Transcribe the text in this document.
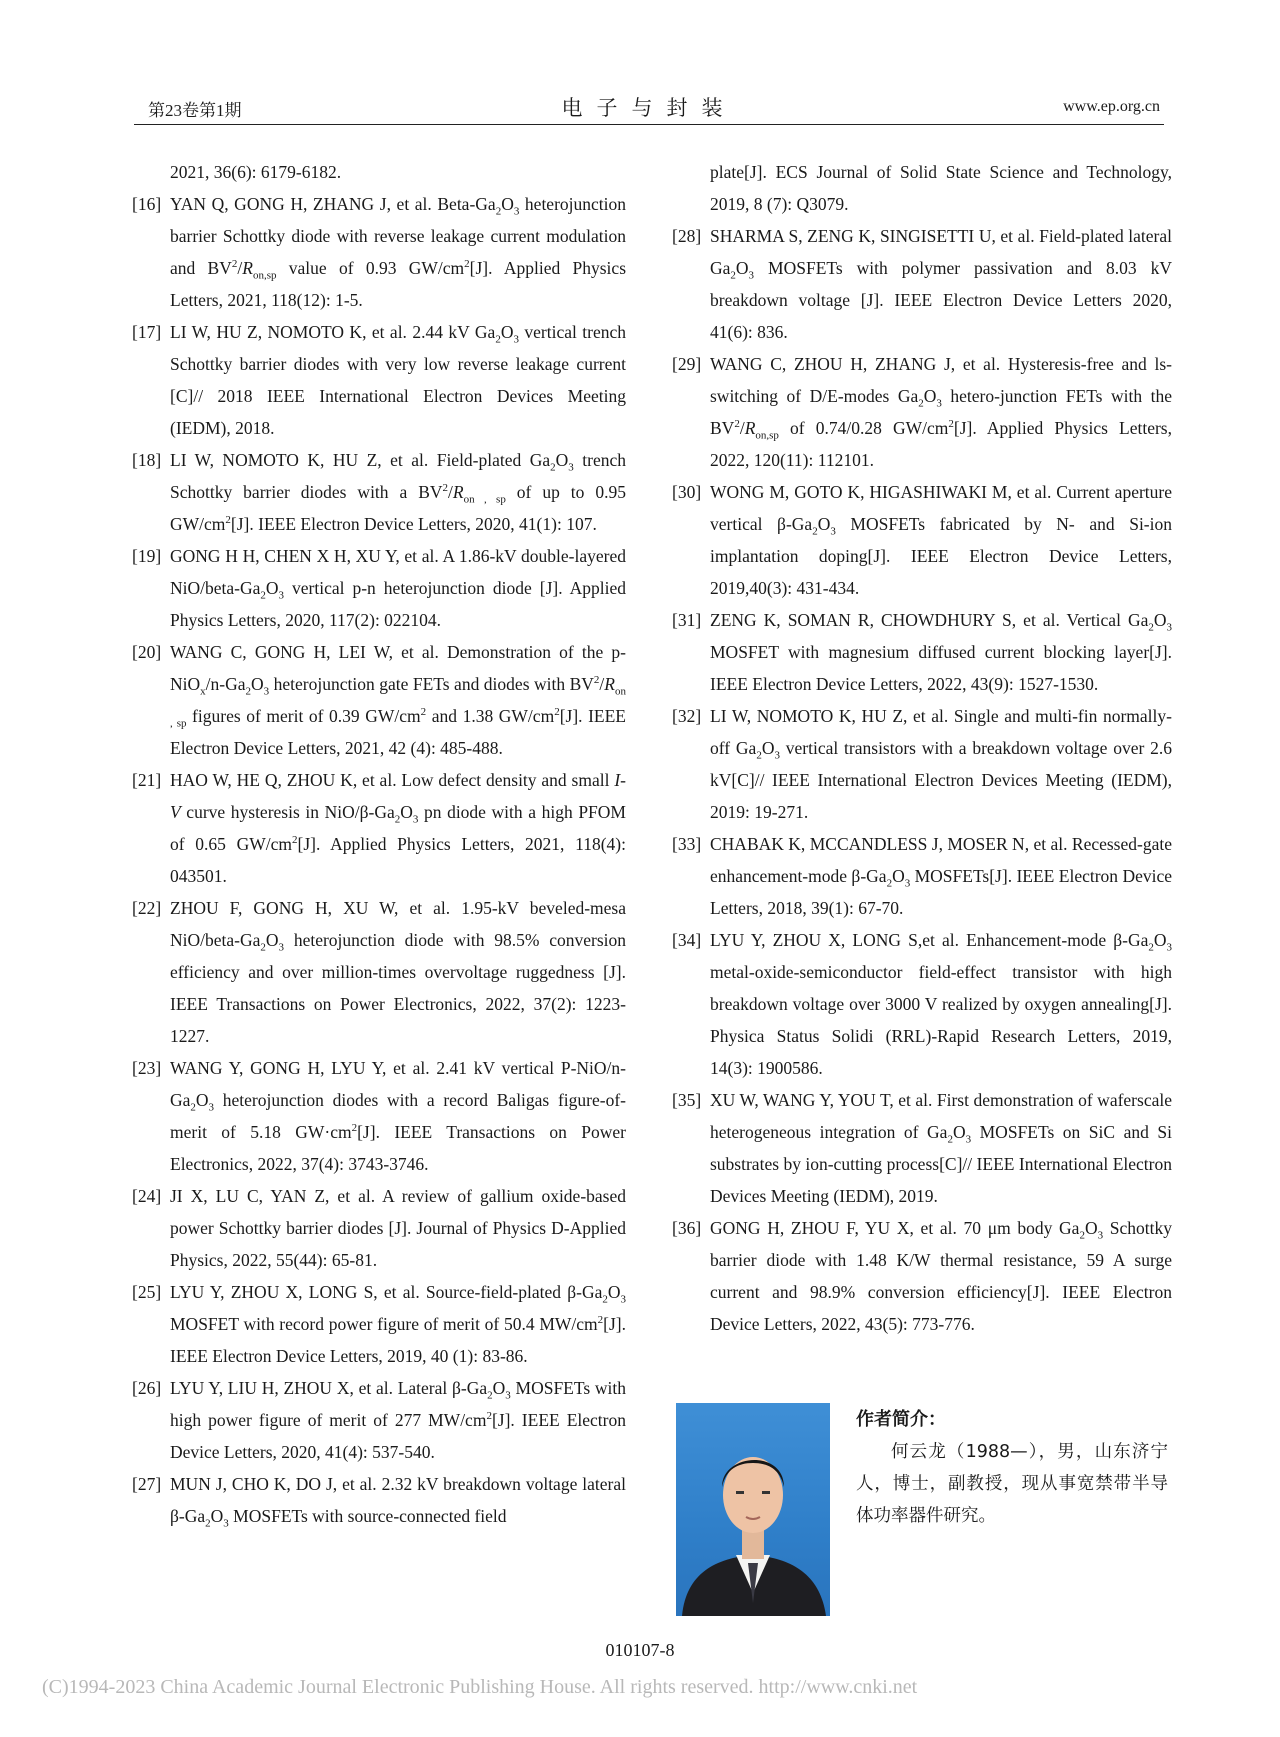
第23卷第1期	电子与封装	www.ep.org.cn
2021, 36(6): 6179-6182.
[16] YAN Q, GONG H, ZHANG J, et al. Beta-$Ga_2O_3$ heterojunction barrier Schottky diode with reverse leakage current modulation and $BV^2/R_{on,sp}$ value of 0.93 $GW/cm^2[J]$. Applied Physics Letters, 2021, 118(12): 1-5.
[17] LI W, HU Z, NOMOTO K, et al. 2.44 kV $Ga_2O_3$ vertical trench Schottky barrier diodes with very low reverse leakage current [C]// 2018 IEEE International Electron Devices Meeting (IEDM), 2018.
[18] LI W, NOMOTO K, HU Z, et al. Field-plated $Ga_2O_3$ trench Schottky barrier diodes with a $BV^2/R_{on , sp}$ of up to 0.95 $GW/cm^2[J]$. IEEE Electron Device Letters, 2020, 41(1): 107.
[19] GONG H H, CHEN X H, XU Y, et al. A 1.86-kV double-layered NiO/$beta-Ga_2O_3$ vertical p-n heterojunction diode [J]. Applied Physics Letters, 2020, 117(2): 022104.
[20] WANG C, GONG H, LEI W, et al. Demonstration of the $p-NiO_x/n-Ga_2O_3$ heterojunction gate FETs and diodes with $BV^2/R_{on , sp}$ figures of merit of 0.39 $GW/cm^2$ and 1.38 $GW/cm^2[J]$. IEEE Electron Device Letters, 2021, 42 (4): 485-488.
[21] HAO W, HE Q, ZHOU K, et al. Low defect density and small I-V curve hysteresis in NiO/$\beta-Ga_2O_3$ pn diode with a high PFOM of 0.65 $GW/cm^2[J]$. Applied Physics Letters, 2021, 118(4): 043501.
[22] ZHOU F, GONG H, XU W, et al. 1.95-kV beveled-mesa NiO/$beta-Ga_2O_3$ heterojunction diode with 98.5% conversion efficiency and over million-times overvoltage ruggedness [J]. IEEE Transactions on Power Electronics, 2022, 37(2): 1223-1227.
[23] WANG Y, GONG H, LYU Y, et al. 2.41 kV vertical $P-NiO/n-Ga_2O_3$ heterojunction diodes with a record Baligas figure-of-merit of 5.18 $GW\cdot cm^2[J]$. IEEE Transactions on Power Electronics, 2022, 37(4): 3743-3746.
[24] JI X, LU C, YAN Z, et al. A review of gallium oxide-based power Schottky barrier diodes [J]. Journal of Physics D-Applied Physics, 2022, 55(44): 65-81.
[25] LYU Y, ZHOU X, LONG S, et al. Source-field-plated $\beta-Ga_2O_3$ MOSFET with record power figure of merit of 50.4 $MW/cm^2[J]$. IEEE Electron Device Letters, 2019, 40 (1): 83-86.
[26] LYU Y, LIU H, ZHOU X, et al. Lateral $\beta-Ga_2O_3$ MOSFETs with high power figure of merit of 277 $MW/cm^2[J]$. IEEE Electron Device Letters, 2020, 41(4): 537-540.
[27] MUN J, CHO K, DO J, et al. 2.32 kV breakdown voltage lateral $\beta-Ga_2O_3$ MOSFETs with source-connected field
plate[J]. ECS Journal of Solid State Science and Technology, 2019, 8 (7): Q3079.
[28] SHARMA S, ZENG K, SINGISETTI U, et al. Field-plated lateral $Ga_2O_3$ MOSFETs with polymer passivation and 8.03 kV breakdown voltage [J]. IEEE Electron Device Letters 2020, 41(6): 836.
[29] WANG C, ZHOU H, ZHANG J, et al. Hysteresis-free and ls-switching of D/E-modes $Ga_2O_3$ hetero-junction FETs with the $BV^2/R_{on,sp}$ of 0.74/0.28 $GW/cm^2[J]$. Applied Physics Letters, 2022, 120(11): 112101.
[30] WONG M, GOTO K, HIGASHIWAKI M, et al. Current aperture vertical $\beta-Ga_2O_3$ MOSFETs fabricated by N- and Si-ion implantation doping[J]. IEEE Electron Device Letters, 2019,40(3): 431-434.
[31] ZENG K, SOMAN R, CHOWDHURY S, et al. Vertical $Ga_2O_3$ MOSFET with magnesium diffused current blocking layer[J]. IEEE Electron Device Letters, 2022, 43(9): 1527-1530.
[32] LI W, NOMOTO K, HU Z, et al. Single and multi-fin normally-off $Ga_2O_3$ vertical transistors with a breakdown voltage over 2.6 kV[C]// IEEE International Electron Devices Meeting (IEDM), 2019: 19-271.
[33] CHABAK K, MCCANDLESS J, MOSER N, et al. Recessed-gate enhancement-mode $\beta-Ga_2O_3$ MOSFETs[J]. IEEE Electron Device Letters, 2018, 39(1): 67-70.
[34] LYU Y, ZHOU X, LONG S,et al. Enhancement-mode $\beta-Ga_2O_3$ metal-oxide-semiconductor field-effect transistor with high breakdown voltage over 3000 V realized by oxygen annealing[J]. Physica Status Solidi (RRL)-Rapid Research Letters, 2019, 14(3): 1900586.
[35] XU W, WANG Y, YOU T, et al. First demonstration of waferscale heterogeneous integration of $Ga_2O_3$ MOSFETs on SiC and Si substrates by ion-cutting process[C]// IEEE International Electron Devices Meeting (IEDM), 2019.
[36] GONG H, ZHOU F, YU X, et al. 70 μm body $Ga_2O_3$ Schottky barrier diode with 1.48 K/W thermal resistance, 59 A surge current and 98.9% conversion efficiency[J]. IEEE Electron Device Letters, 2022, 43(5): 773-776.
作者简介：
何云龙（1988—），男，山东济宁人，博士，副教授，现从事宽禁带半导体功率器件研究。
010107-8
(C)1994-2023 China Academic Journal Electronic Publishing House. All rights reserved. http://www.cnki.net
